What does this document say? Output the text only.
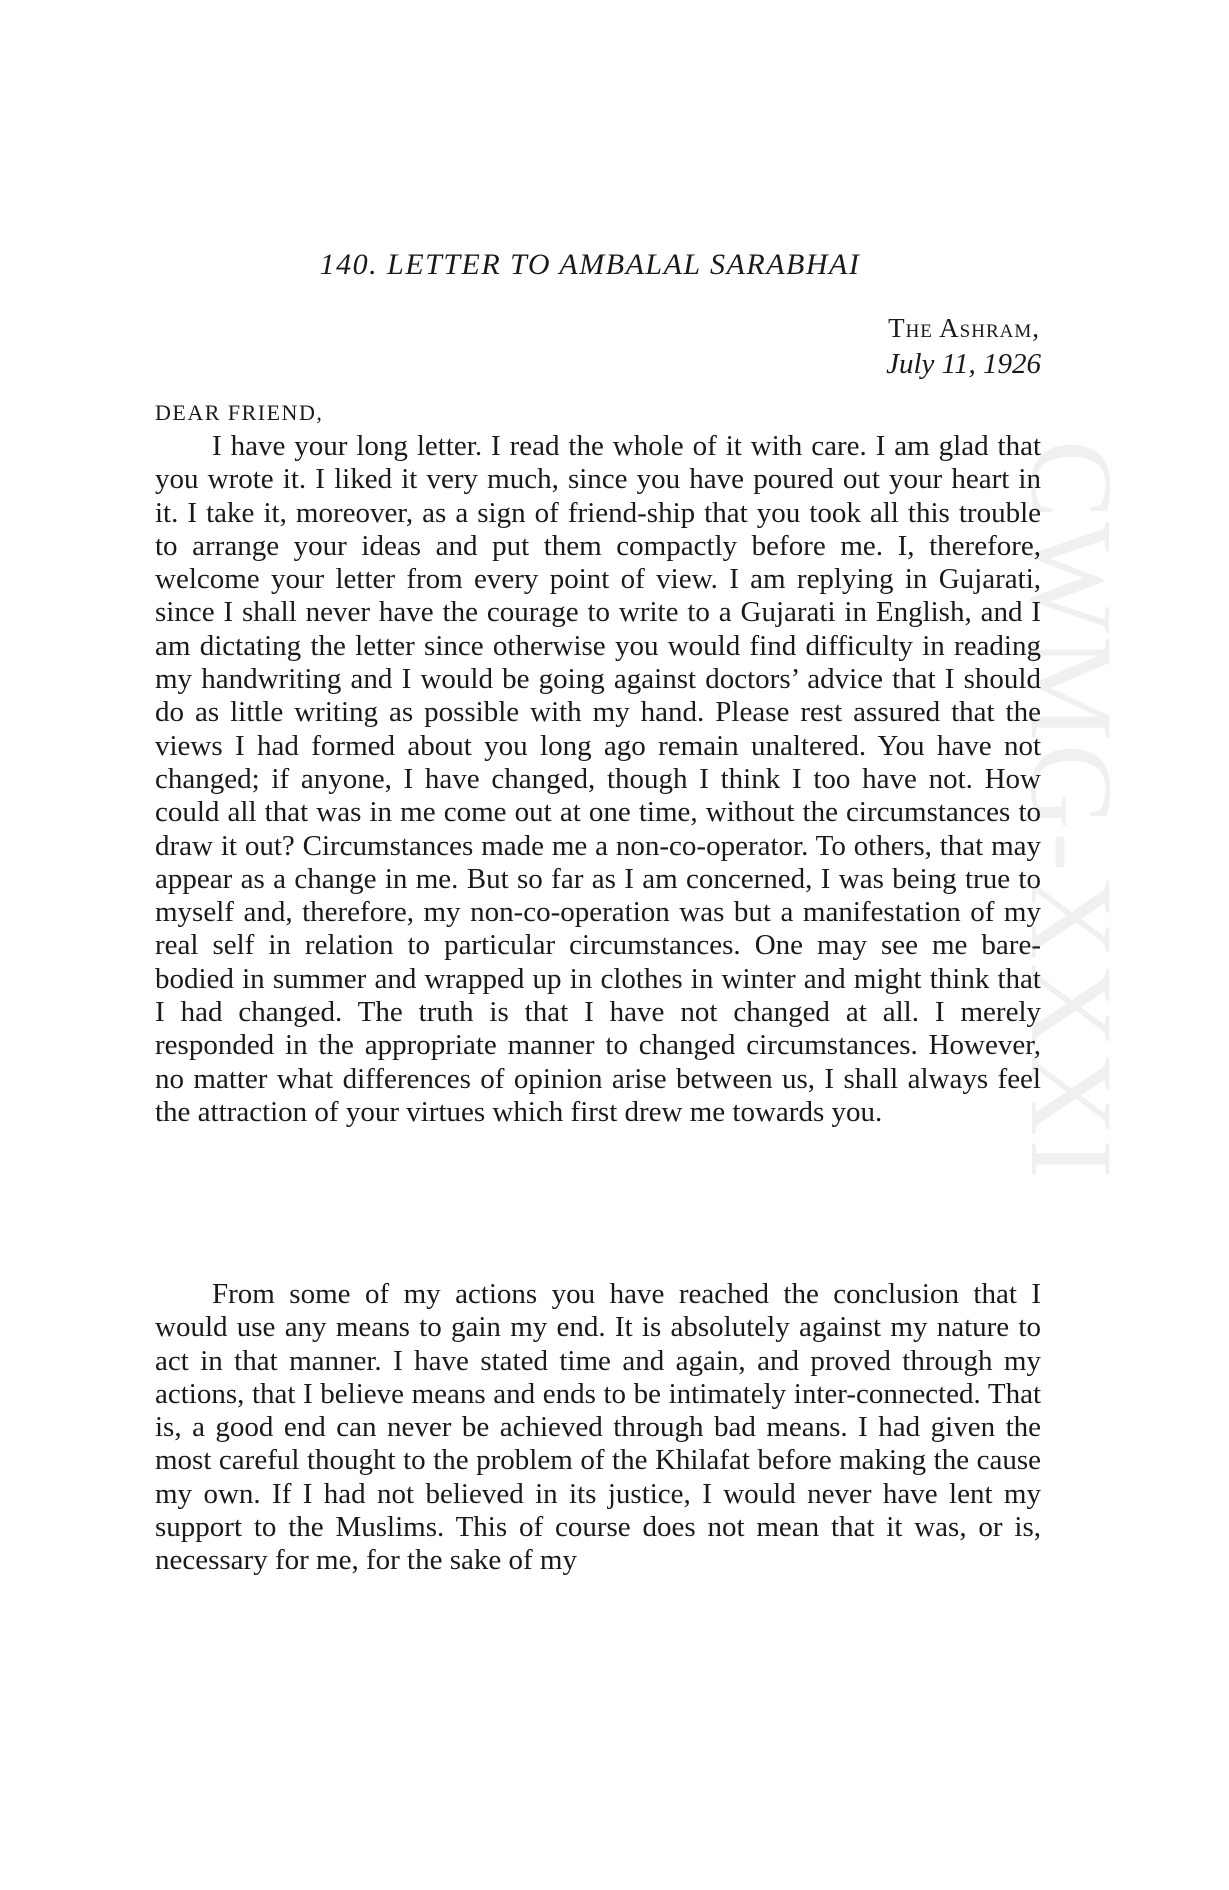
CWMG-XXXI
140. LETTER TO AMBALAL SARABHAI
The Ashram,
July 11, 1926
DEAR FRIEND,

I have your long letter. I read the whole of it with care. I am glad that you wrote it. I liked it very much, since you have poured out your heart in it. I take it, moreover, as a sign of friend-ship that you took all this trouble to arrange your ideas and put them compactly before me. I, therefore, welcome your letter from every point of view. I am replying in Gujarati, since I shall never have the courage to write to a Gujarati in English, and I am dictating the letter since otherwise you would find difficulty in reading my handwriting and I would be going against doctors’ advice that I should do as little writing as possible with my hand. Please rest assured that the views I had formed about you long ago remain unaltered. You have not changed; if anyone, I have changed, though I think I too have not. How could all that was in me come out at one time, without the circumstances to draw it out? Circumstances made me a non-co-operator. To others, that may appear as a change in me. But so far as I am concerned, I was being true to myself and, therefore, my non-co-operation was but a manifestation of my real self in relation to particular circumstances. One may see me bare-bodied in summer and wrapped up in clothes in winter and might think that I had changed. The truth is that I have not changed at all. I merely responded in the appropriate manner to changed circumstances. However, no matter what differences of opinion arise between us, I shall always feel the attraction of your virtues which first drew me towards you.

From some of my actions you have reached the conclusion that I would use any means to gain my end. It is absolutely against my nature to act in that manner. I have stated time and again, and proved through my actions, that I believe means and ends to be intimately inter-connected. That is, a good end can never be achieved through bad means. I had given the most careful thought to the problem of the Khilafat before making the cause my own. If I had not believed in its justice, I would never have lent my support to the Muslims. This of course does not mean that it was, or is, necessary for me, for the sake of my
